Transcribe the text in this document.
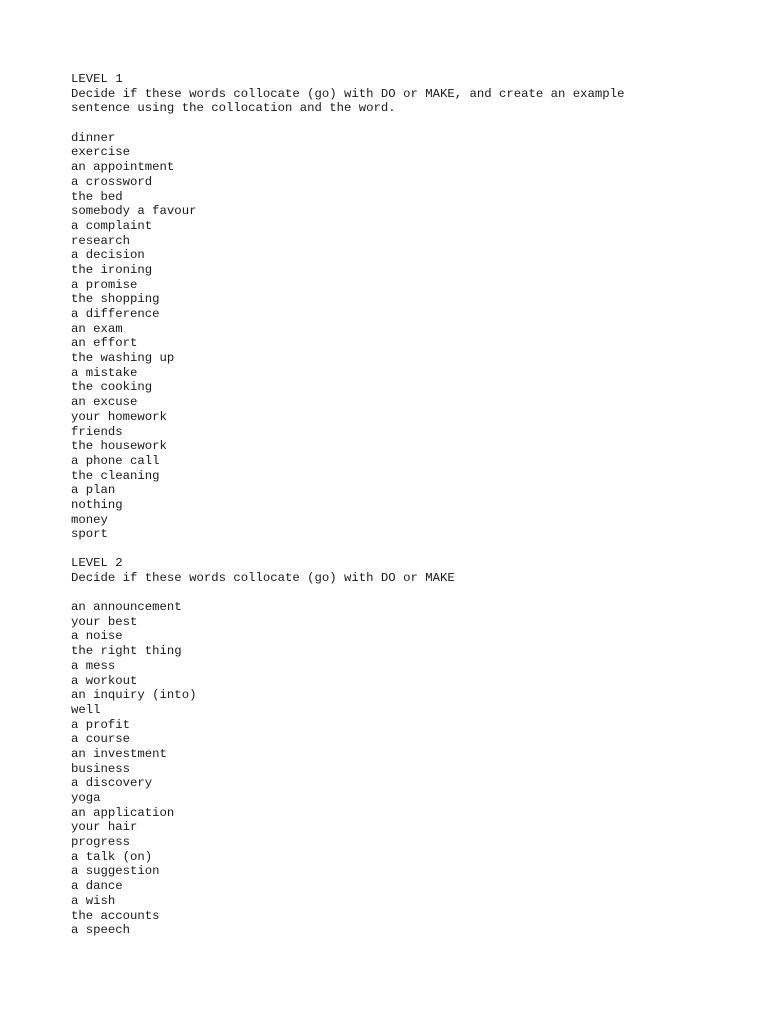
LEVEL 1
Decide if these words collocate (go) with DO or MAKE, and create an example
sentence using the collocation and the word.
dinner
exercise
an appointment
a crossword
the bed
somebody a favour
a complaint
research
a decision
the ironing
a promise
the shopping
a difference
an exam
an effort
the washing up
a mistake
the cooking
an excuse
your homework
friends
the housework
a phone call
the cleaning
a plan
nothing
money
sport
LEVEL 2
Decide if these words collocate (go) with DO or MAKE
an announcement
your best
a noise
the right thing
a mess
a workout
an inquiry (into)
well
a profit
a course
an investment
business
a discovery
yoga
an application
your hair
progress
a talk (on)
a suggestion
a dance
a wish
the accounts
a speech
